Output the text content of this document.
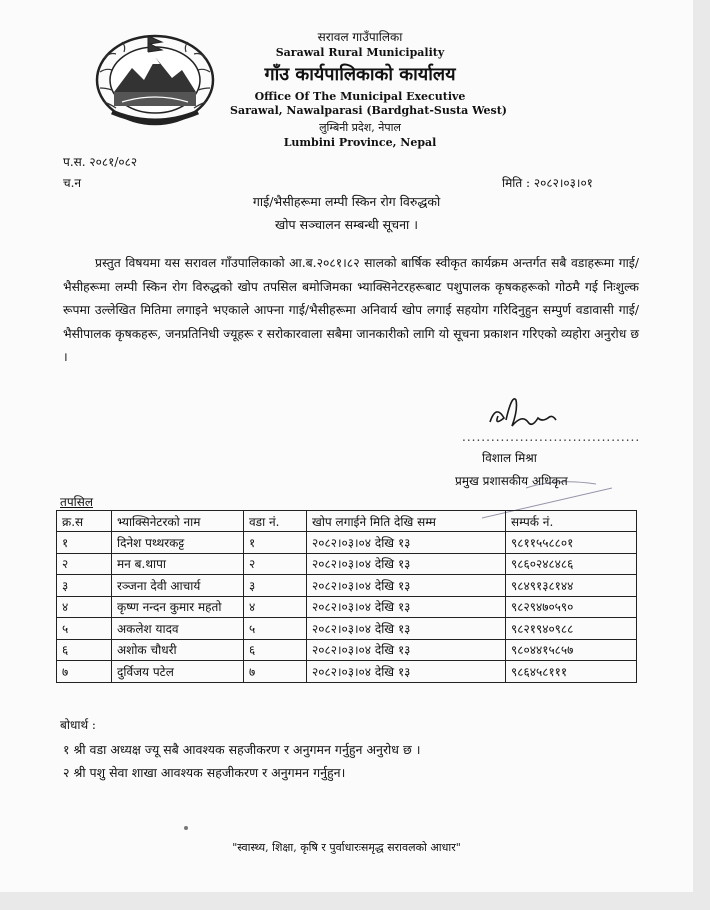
सरावल गाउँपालिका
Sarawal Rural Municipality
गाँउ कार्यपालिकाको कार्यालय
Office Of The Municipal Executive
Sarawal, Nawalparasi (Bardghat-Susta West)
लुम्बिनी प्रदेश, नेपाल
Lumbini Province, Nepal
प.स. २०८१/०८२
च.न	मिति : २०८२।०३।०१
गाई/भैसीहरूमा लम्पी स्किन रोग विरुद्धको
खोप सञ्चालन सम्बन्धी सूचना ।
प्रस्तुत विषयमा यस सरावल गाँउपालिकाको आ.ब.२०८१।८२ सालको बार्षिक स्वीकृत कार्यक्रम अन्तर्गत सबै वडाहरूमा गाई/भैसीहरूमा लम्पी स्किन रोग विरुद्धको खोप तपसिल बमोजिमका भ्याक्सिनेटरहरूबाट पशुपालक कृषकहरूको गोठमै गई निःशुल्क रूपमा उल्लेखित मितिमा लगाइने भएकाले आफ्ना गाई/भैसीहरूमा अनिवार्य खोप लगाई सहयोग गरिदिनुहुन सम्पुर्ण वडावासी गाई/भैसीपालक कृषकहरू, जनप्रतिनिधी ज्यूहरू र सरोकारवाला सबैमा जानकारीको लागि यो सूचना प्रकाशन गरिएको व्यहोरा अनुरोध छ ।
.....................................
विशाल मिश्रा
प्रमुख प्रशासकीय अधिकृत
तपसिल
क्र.स	भ्याक्सिनेटरको नाम	वडा नं.	खोप लगाईने मिति देखि सम्म	सम्पर्क नं.
१	दिनेश पथ्थरकट्ट	१	२०८२।०३।०४ देखि १३	९८११५५८८०१
२	मन ब.थापा	२	२०८२।०३।०४ देखि १३	९८६०२४८४८६
३	रञ्जना देवी आचार्य	३	२०८२।०३।०४ देखि १३	९८४९१३८१४४
४	कृष्ण नन्दन कुमार महतो	४	२०८२।०३।०४ देखि १३	९८२९४७०५९०
५	अकलेश यादव	५	२०८२।०३।०४ देखि १३	९८२१९४०९८८
६	अशोक चौधरी	६	२०८२।०३।०४ देखि १३	९८०४४१५८५७
७	दुर्विजय पटेल	७	२०८२।०३।०४ देखि १३	९८६४५८१११
बोधार्थ :
१ श्री वडा अध्यक्ष ज्यू सबै आवश्यक सहजीकरण र अनुगमन गर्नुहुन अनुरोध छ ।
२ श्री पशु सेवा शाखा आवश्यक सहजीकरण र अनुगमन गर्नुहुन।
"स्वास्थ्य, शिक्षा, कृषि र पुर्वाधारःसमृद्ध सरावलको आधार"
